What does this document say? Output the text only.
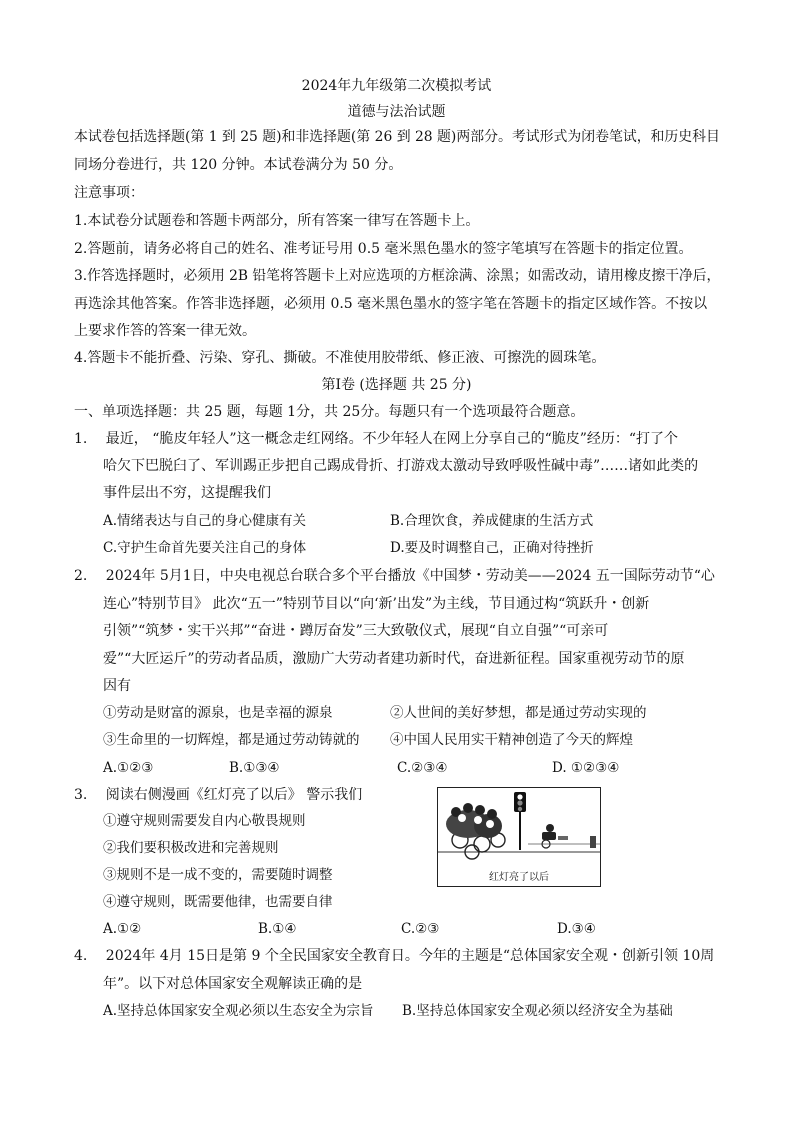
2024年九年级第二次模拟考试
道德与法治试题
本试卷包括选择题(第 1 到 25 题)和非选择题(第 26 到 28 题)两部分。考试形式为闭卷笔试，和历史科目
同场分卷进行，共 120 分钟。本试卷满分为 50 分。
注意事项：
1.本试卷分试题卷和答题卡两部分，所有答案一律写在答题卡上。
2.答题前，请务必将自己的姓名、准考证号用 0.5 毫米黑色墨水的签字笔填写在答题卡的指定位置。
3.作答选择题时，必须用 2B 铅笔将答题卡上对应选项的方框涂满、涂黑；如需改动，请用橡皮擦干净后，
再选涂其他答案。作答非选择题，必须用 0.5 毫米黑色墨水的签字笔在答题卡的指定区域作答。不按以
上要求作答的答案一律无效。
4.答题卡不能折叠、污染、穿孔、撕破。不准使用胶带纸、修正液、可擦洗的圆珠笔。
第Ⅰ卷 (选择题 共 25 分)
一、单项选择题：共 25 题，每题 1分，共 25分。每题只有一个选项最符合题意。
1.　 最近， “脆皮年轻人”这一概念走红网络。不少年轻人在网上分享自己的“脆皮”经历：“打了个
哈欠下巴脱臼了、军训踢正步把自己踢成骨折、打游戏太激动导致呼吸性碱中毒”……诸如此类的
事件层出不穷，这提醒我们
A.情绪表达与自己的身心健康有关	B.合理饮食，养成健康的生活方式
C.守护生命首先要关注自己的身体	D.要及时调整自己，正确对待挫折
2.　 2024年 5月1日，中央电视总台联合多个平台播放《中国梦・劳动美——2024 五一国际劳动节“心
连心”特别节目》 此次“五一”特别节目以“向‘新’出发”为主线，节目通过构“筑跃升・创新
引领”“筑梦・实干兴邦”“奋进・蹲厉奋发”三大致敬仪式，展现“自立自强”“可亲可
爱”“大匠运斤”的劳动者品质，激励广大劳动者建功新时代，奋进新征程。国家重视劳动节的原
因有
①劳动是财富的源泉，也是幸福的源泉	②人世间的美好梦想，都是通过劳动实现的
③生命里的一切辉煌，都是通过劳动铸就的 ④中国人民用实干精神创造了今天的辉煌
A.①②③	B.①③④	C.②③④	D. ①②③④
3.　 阅读右侧漫画《红灯亮了以后》 警示我们
①遵守规则需要发自内心敬畏规则
②我们要积极改进和完善规则
③规则不是一成不变的，需要随时调整
④遵守规则，既需要他律，也需要自律
A.①②	B.①④	C.②③	D.③④
红灯亮了以后
4.　 2024年 4月 15日是第 9 个全民国家安全教育日。今年的主题是“总体国家安全观・创新引领 10周
年”。以下对总体国家安全观解读正确的是
A.坚持总体国家安全观必须以生态安全为宗旨 B.坚持总体国家安全观必须以经济安全为基础
